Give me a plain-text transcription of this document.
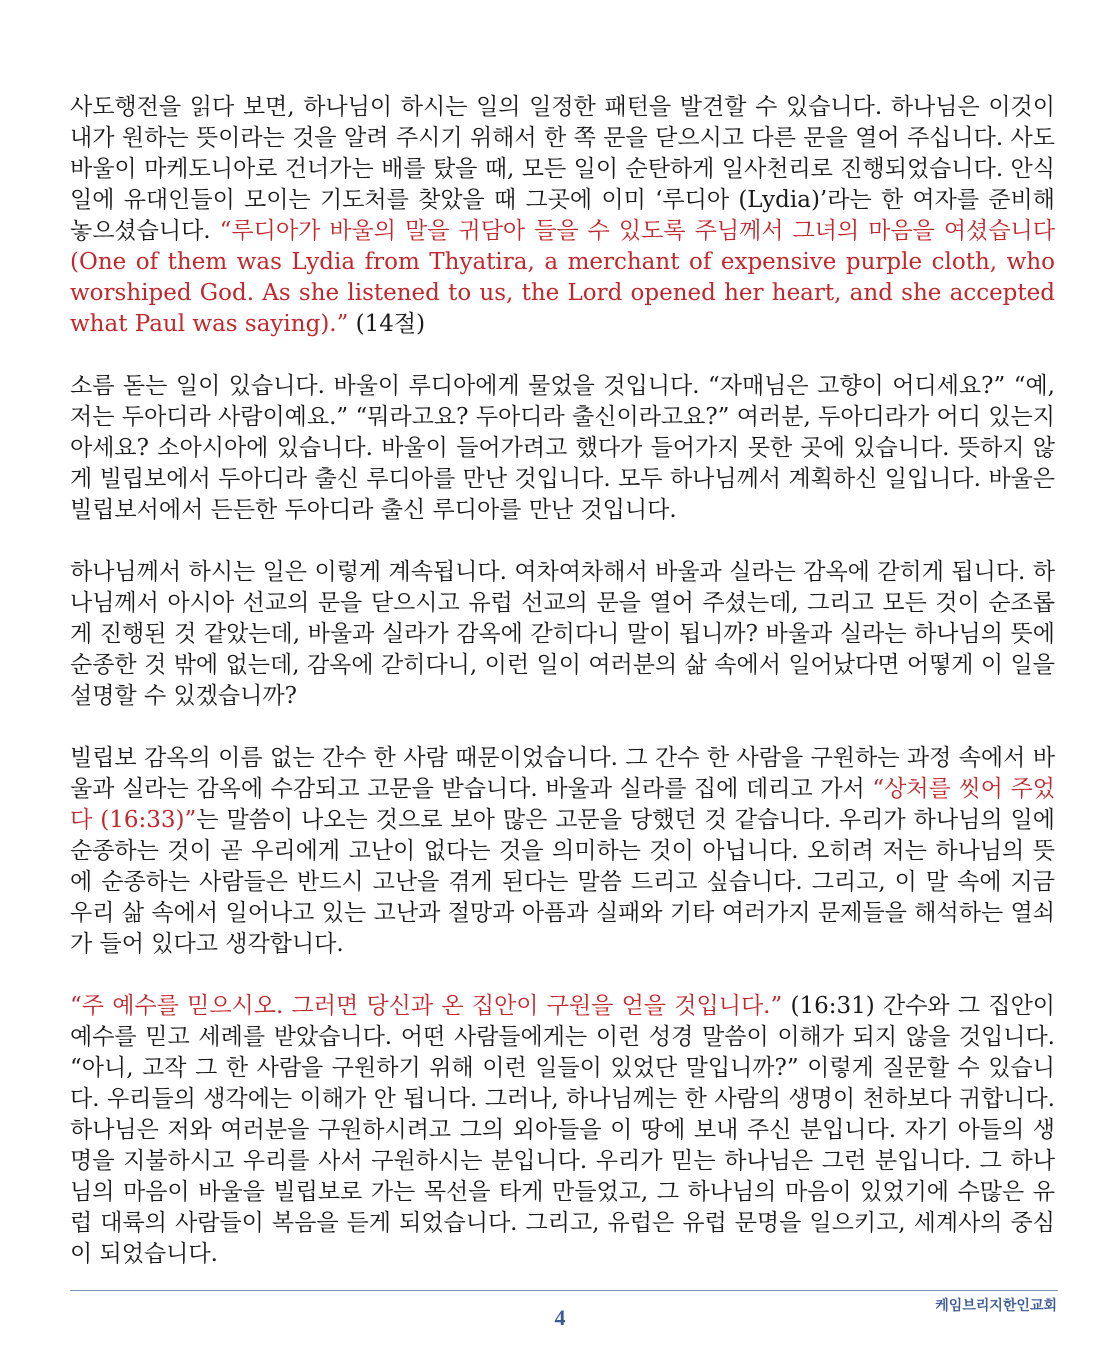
사도행전을 읽다 보면, 하나님이 하시는 일의 일정한 패턴을 발견할 수 있습니다. 하나님은 이것이 내가 원하는 뜻이라는 것을 알려 주시기 위해서 한 쪽 문을 닫으시고 다른 문을 열어 주십니다. 사도 바울이 마케도니아로 건너가는 배를 탔을 때, 모든 일이 순탄하게 일사천리로 진행되었습니다. 안식일에 유대인들이 모이는 기도처를 찾았을 때 그곳에 이미 ‘루디아 (Lydia)’라는 한 여자를 준비해 놓으셨습니다. “루디아가 바울의 말을 귀담아 들을 수 있도록 주님께서 그녀의 마음을 여셨습니다 (One of them was Lydia from Thyatira, a merchant of expensive purple cloth, who worshiped God. As she listened to us, the Lord opened her heart, and she accepted what Paul was saying).” (14절)

소름 돋는 일이 있습니다. 바울이 루디아에게 물었을 것입니다. “자매님은 고향이 어디세요?” “예, 저는 두아디라 사람이예요.” “뭐라고요? 두아디라 출신이라고요?” 여러분, 두아디라가 어디 있는지 아세요? 소아시아에 있습니다. 바울이 들어가려고 했다가 들어가지 못한 곳에 있습니다. 뜻하지 않게 빌립보에서 두아디라 출신 루디아를 만난 것입니다. 모두 하나님께서 계획하신 일입니다. 바울은 빌립보서에서 든든한 두아디라 출신 루디아를 만난 것입니다.

하나님께서 하시는 일은 이렇게 계속됩니다. 여차여차해서 바울과 실라는 감옥에 갇히게 됩니다. 하나님께서 아시아 선교의 문을 닫으시고 유럽 선교의 문을 열어 주셨는데, 그리고 모든 것이 순조롭게 진행된 것 같았는데, 바울과 실라가 감옥에 갇히다니 말이 됩니까? 바울과 실라는 하나님의 뜻에 순종한 것 밖에 없는데, 감옥에 갇히다니, 이런 일이 여러분의 삶 속에서 일어났다면 어떻게 이 일을 설명할 수 있겠습니까?

빌립보 감옥의 이름 없는 간수 한 사람 때문이었습니다. 그 간수 한 사람을 구원하는 과정 속에서 바울과 실라는 감옥에 수감되고 고문을 받습니다. 바울과 실라를 집에 데리고 가서 “상처를 씻어 주었다 (16:33)”는 말씀이 나오는 것으로 보아 많은 고문을 당했던 것 같습니다. 우리가 하나님의 일에 순종하는 것이 곧 우리에게 고난이 없다는 것을 의미하는 것이 아닙니다. 오히려 저는 하나님의 뜻에 순종하는 사람들은 반드시 고난을 겪게 된다는 말씀 드리고 싶습니다. 그리고, 이 말 속에 지금 우리 삶 속에서 일어나고 있는 고난과 절망과 아픔과 실패와 기타 여러가지 문제들을 해석하는 열쇠가 들어 있다고 생각합니다.

“주 예수를 믿으시오. 그러면 당신과 온 집안이 구원을 얻을 것입니다.” (16:31) 간수와 그 집안이 예수를 믿고 세례를 받았습니다. 어떤 사람들에게는 이런 성경 말씀이 이해가 되지 않을 것입니다. “아니, 고작 그 한 사람을 구원하기 위해 이런 일들이 있었단 말입니까?” 이렇게 질문할 수 있습니다. 우리들의 생각에는 이해가 안 됩니다. 그러나, 하나님께는 한 사람의 생명이 천하보다 귀합니다. 하나님은 저와 여러분을 구원하시려고 그의 외아들을 이 땅에 보내 주신 분입니다. 자기 아들의 생명을 지불하시고 우리를 사서 구원하시는 분입니다. 우리가 믿는 하나님은 그런 분입니다. 그 하나님의 마음이 바울을 빌립보로 가는 목선을 타게 만들었고, 그 하나님의 마음이 있었기에 수많은 유럽 대륙의 사람들이 복음을 듣게 되었습니다. 그리고, 유럽은 유럽 문명을 일으키고, 세계사의 중심이 되었습니다.

4	케임브리지한인교회
